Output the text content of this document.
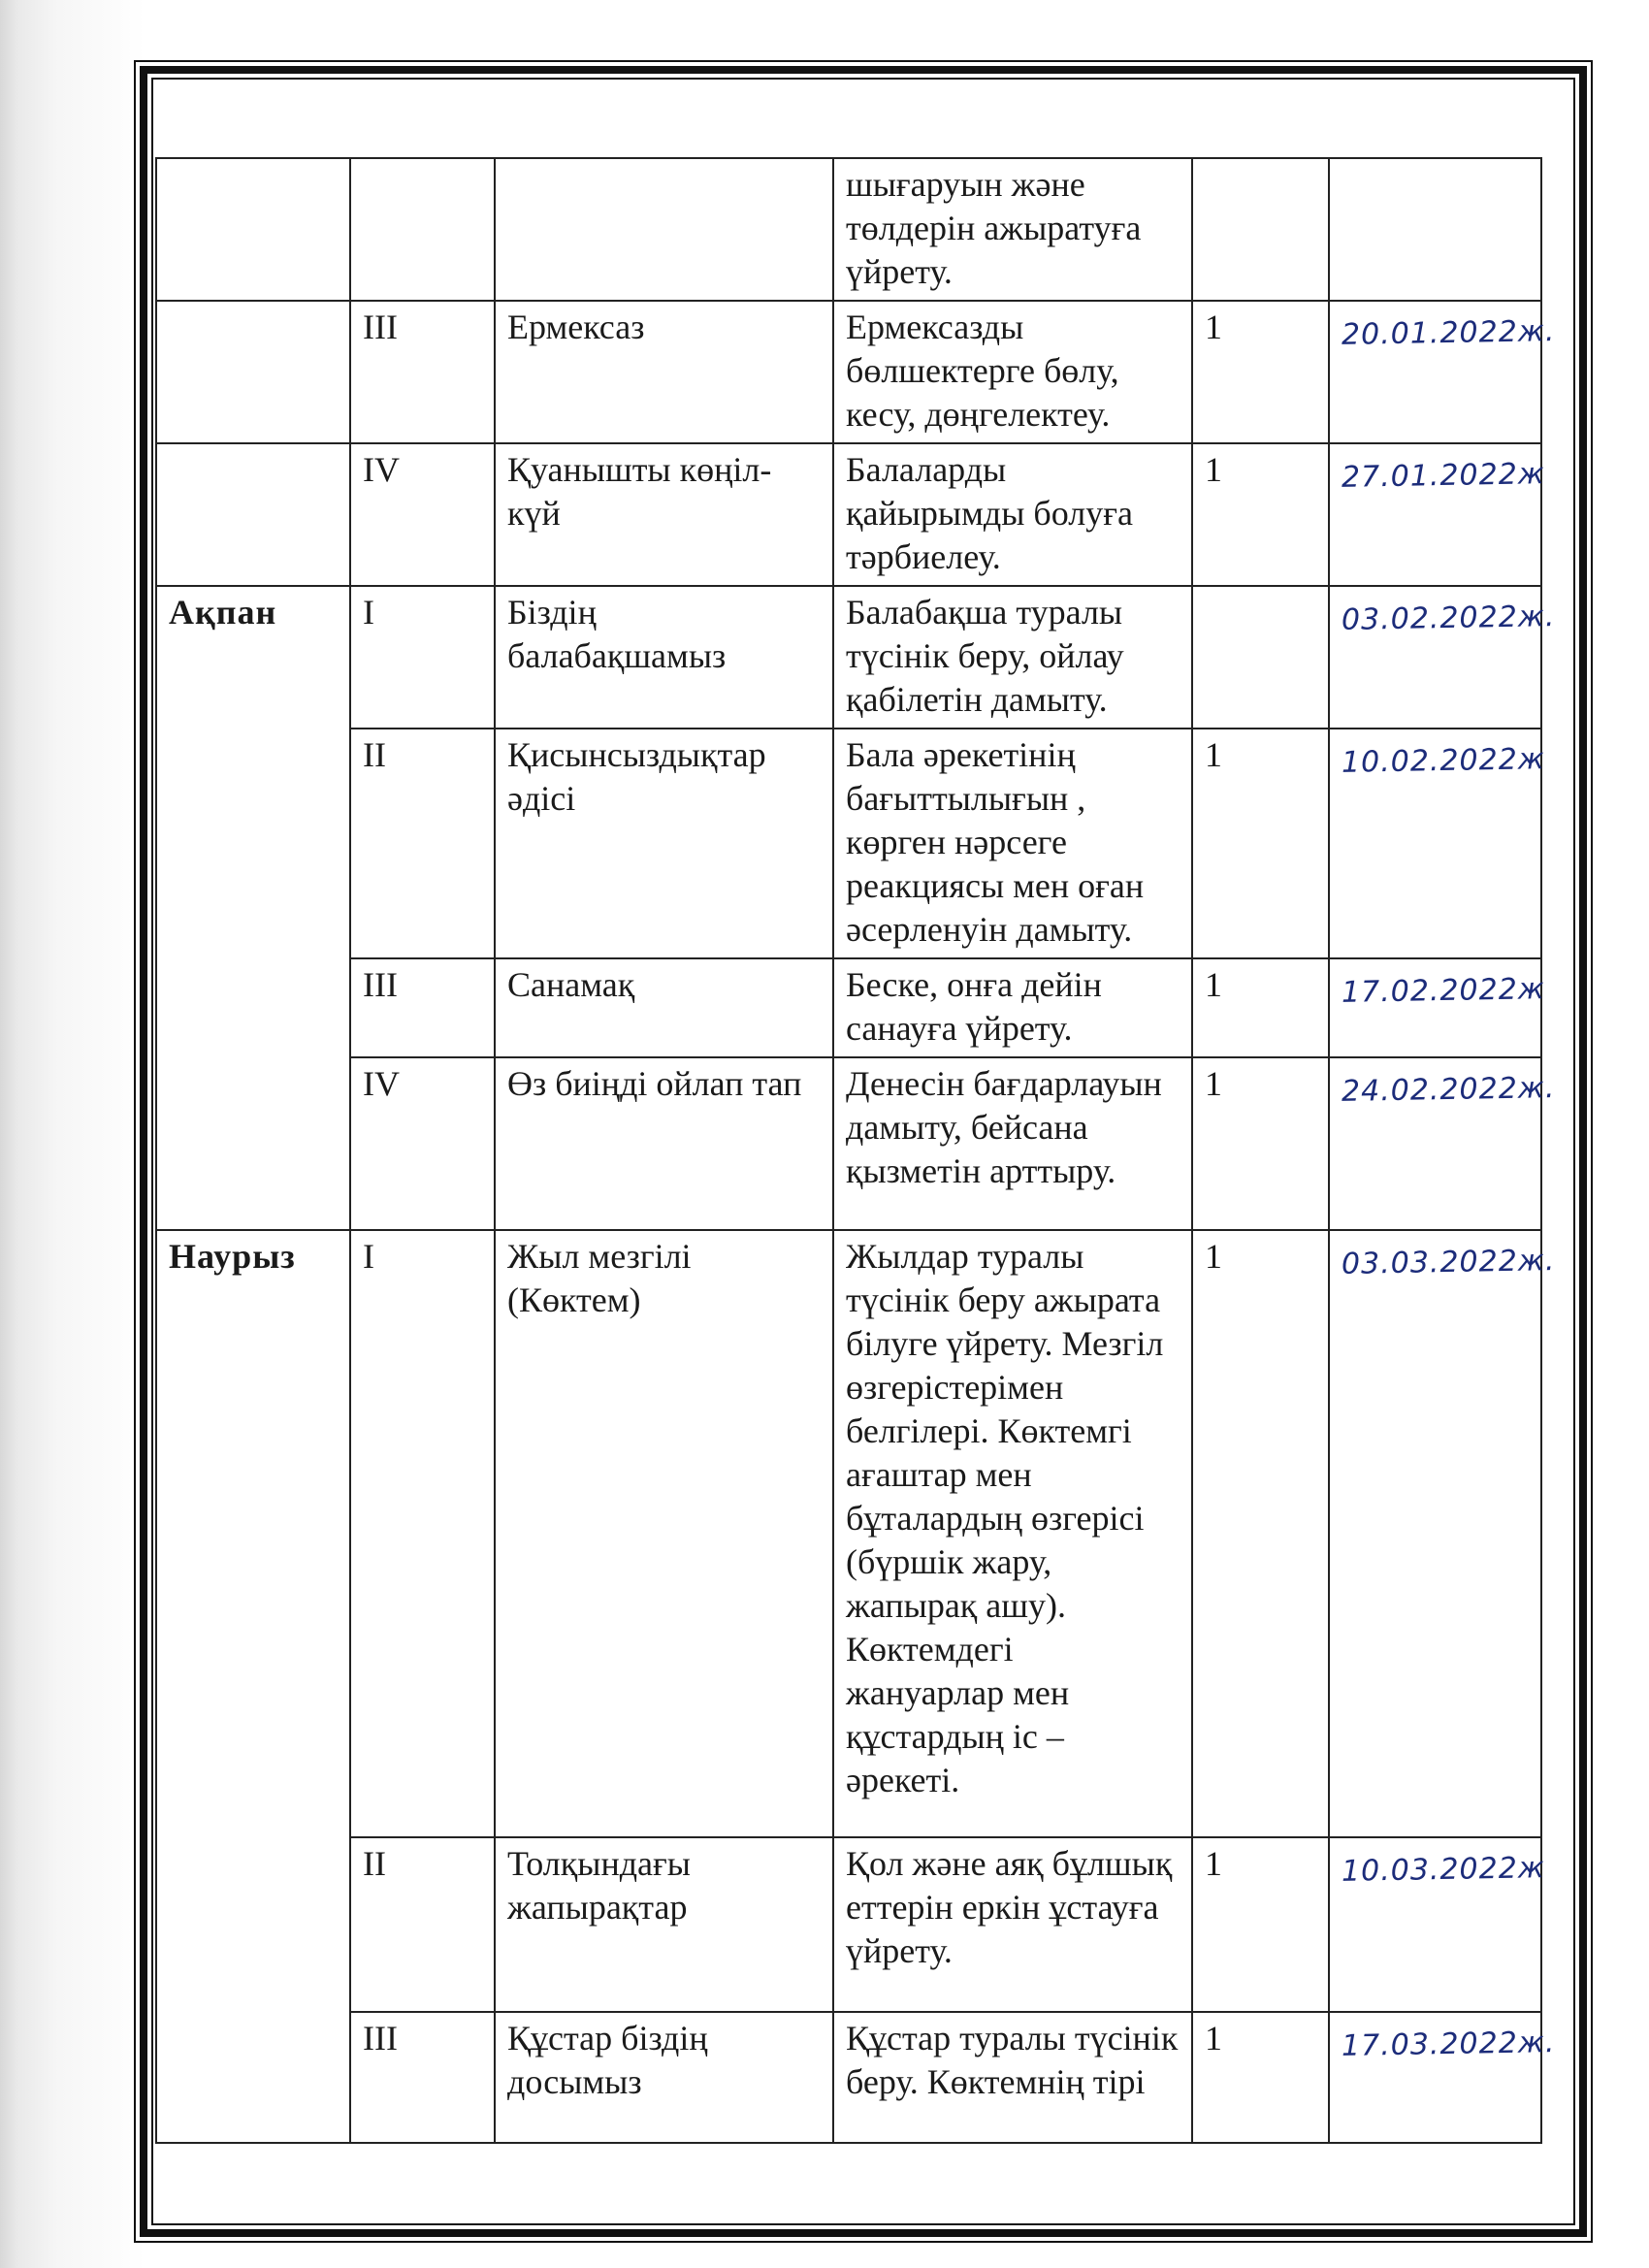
			шығаруын және төлдерін ажыратуға үйрету.		
	III	Ермексаз	Ермексазды бөлшектерге бөлу, кесу, дөңгелектеу.	1	20.01.2022ж.
	IV	Қуанышты көңіл-күй	Балаларды қайырымды болуға тәрбиелеу.	1	27.01.2022ж
Ақпан	I	Біздің балабақшамыз	Балабақша туралы түсінік беру, ойлау қабілетін дамыту.		03.02.2022ж.
	II	Қисынсыздықтар әдісі	Бала әрекетінің бағыттылығын , көрген нәрсеге реакциясы мен оған әсерленуін дамыту.	1	10.02.2022ж
	III	Санамақ	Беске, онға дейін санауға үйрету.	1	17.02.2022ж
	IV	Өз биіңді ойлап тап	Денесін бағдарлауын дамыту, бейсана қызметін арттыру.	1	24.02.2022ж.
Наурыз	I	Жыл мезгілі (Көктем)	Жылдар туралы түсінік беру ажырата білуге үйрету. Мезгіл өзгерістерімен белгілері. Көктемгі ағаштар мен бұталардың өзгерісі (бүршік жару, жапырақ ашу). Көктемдегі жануарлар мен құстардың іс – әрекеті.	1	03.03.2022ж.
	II	Толқындағы жапырақтар	Қол және аяқ бұлшық еттерін еркін ұстауға үйрету.	1	10.03.2022ж
	III	Құстар біздің досымыз	Құстар туралы түсінік беру. Көктемнің тірі	1	17.03.2022ж.
